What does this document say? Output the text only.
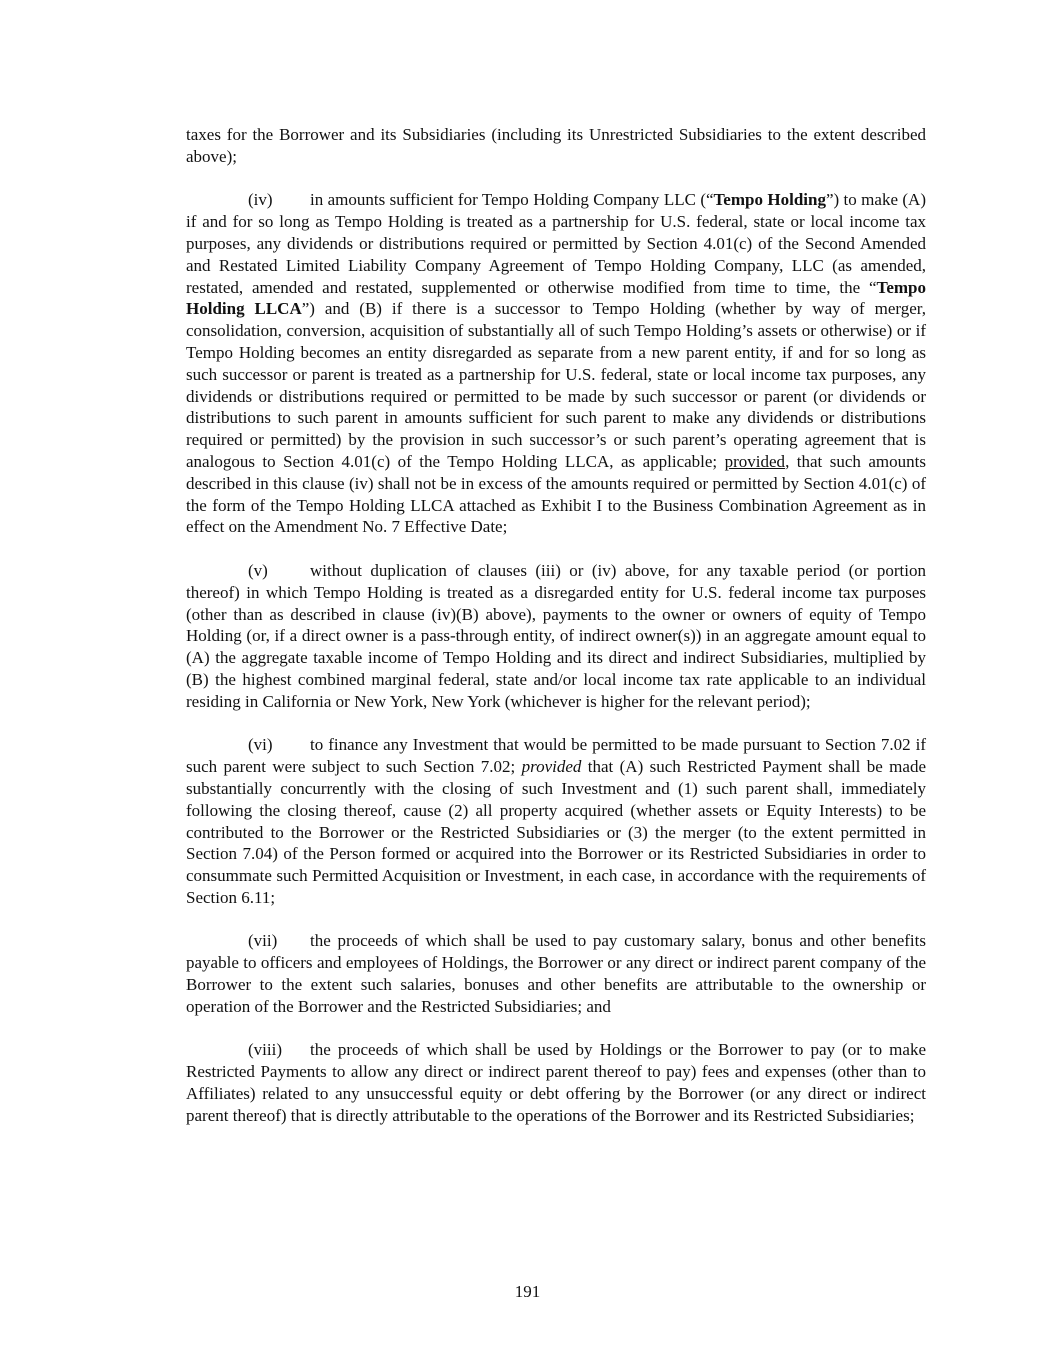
taxes for the Borrower and its Subsidiaries (including its Unrestricted Subsidiaries to the extent described above);

(iv) in amounts sufficient for Tempo Holding Company LLC (“Tempo Holding”) to make (A) if and for so long as Tempo Holding is treated as a partnership for U.S. federal, state or local income tax purposes, any dividends or distributions required or permitted by Section 4.01(c) of the Second Amended and Restated Limited Liability Company Agreement of Tempo Holding Company, LLC (as amended, restated, amended and restated, supplemented or otherwise modified from time to time, the “Tempo Holding LLCA”) and (B) if there is a successor to Tempo Holding (whether by way of merger, consolidation, conversion, acquisition of substantially all of such Tempo Holding’s assets or otherwise) or if Tempo Holding becomes an entity disregarded as separate from a new parent entity, if and for so long as such successor or parent is treated as a partnership for U.S. federal, state or local income tax purposes, any dividends or distributions required or permitted to be made by such successor or parent (or dividends or distributions to such parent in amounts sufficient for such parent to make any dividends or distributions required or permitted) by the provision in such successor’s or such parent’s operating agreement that is analogous to Section 4.01(c) of the Tempo Holding LLCA, as applicable; provided, that such amounts described in this clause (iv) shall not be in excess of the amounts required or permitted by Section 4.01(c) of the form of the Tempo Holding LLCA attached as Exhibit I to the Business Combination Agreement as in effect on the Amendment No. 7 Effective Date;

(v) without duplication of clauses (iii) or (iv) above, for any taxable period (or portion thereof) in which Tempo Holding is treated as a disregarded entity for U.S. federal income tax purposes (other than as described in clause (iv)(B) above), payments to the owner or owners of equity of Tempo Holding (or, if a direct owner is a pass-through entity, of indirect owner(s)) in an aggregate amount equal to (A) the aggregate taxable income of Tempo Holding and its direct and indirect Subsidiaries, multiplied by (B) the highest combined marginal federal, state and/or local income tax rate applicable to an individual residing in California or New York, New York (whichever is higher for the relevant period);

(vi) to finance any Investment that would be permitted to be made pursuant to Section 7.02 if such parent were subject to such Section 7.02; provided that (A) such Restricted Payment shall be made substantially concurrently with the closing of such Investment and (1) such parent shall, immediately following the closing thereof, cause (2) all property acquired (whether assets or Equity Interests) to be contributed to the Borrower or the Restricted Subsidiaries or (3) the merger (to the extent permitted in Section 7.04) of the Person formed or acquired into the Borrower or its Restricted Subsidiaries in order to consummate such Permitted Acquisition or Investment, in each case, in accordance with the requirements of Section 6.11;

(vii) the proceeds of which shall be used to pay customary salary, bonus and other benefits payable to officers and employees of Holdings, the Borrower or any direct or indirect parent company of the Borrower to the extent such salaries, bonuses and other benefits are attributable to the ownership or operation of the Borrower and the Restricted Subsidiaries; and

(viii) the proceeds of which shall be used by Holdings or the Borrower to pay (or to make Restricted Payments to allow any direct or indirect parent thereof to pay) fees and expenses (other than to Affiliates) related to any unsuccessful equity or debt offering by the Borrower (or any direct or indirect parent thereof) that is directly attributable to the operations of the Borrower and its Restricted Subsidiaries;

191
